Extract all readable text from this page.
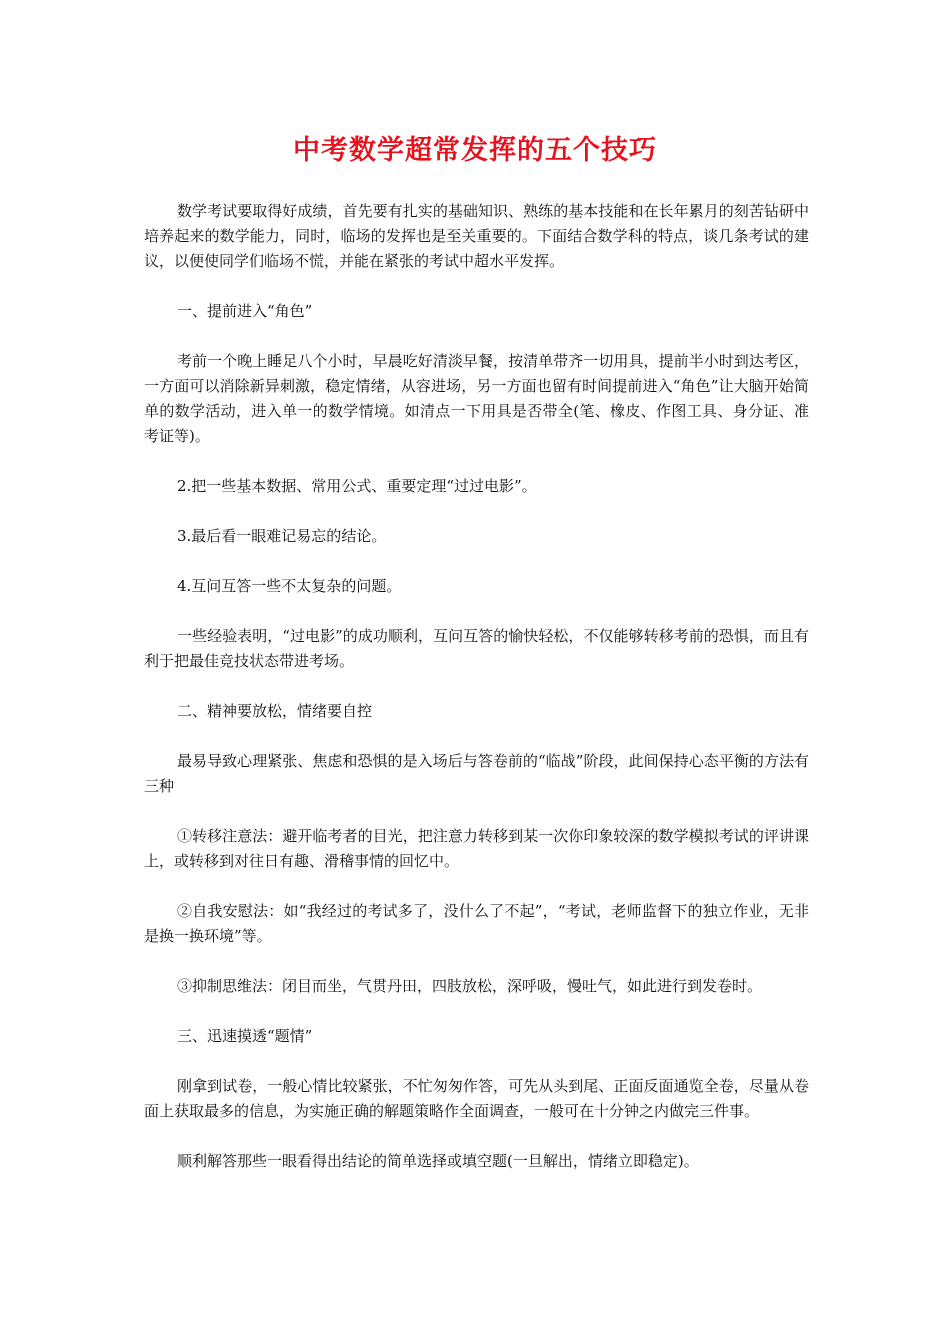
中考数学超常发挥的五个技巧

数学考试要取得好成绩，首先要有扎实的基础知识、熟练的基本技能和在长年累月的刻苦钻研中培养起来的数学能力，同时，临场的发挥也是至关重要的。下面结合数学科的特点，谈几条考试的建议，以便使同学们临场不慌，并能在紧张的考试中超水平发挥。

一、提前进入“角色”

考前一个晚上睡足八个小时，早晨吃好清淡早餐，按清单带齐一切用具，提前半小时到达考区，一方面可以消除新异刺激，稳定情绪，从容进场，另一方面也留有时间提前进入“角色”让大脑开始简单的数学活动，进入单一的数学情境。如清点一下用具是否带全(笔、橡皮、作图工具、身分证、准考证等)。

2.把一些基本数据、常用公式、重要定理“过过电影”。

3.最后看一眼难记易忘的结论。

4.互问互答一些不太复杂的问题。

一些经验表明，“过电影”的成功顺利，互问互答的愉快轻松，不仅能够转移考前的恐惧，而且有利于把最佳竞技状态带进考场。

二、精神要放松，情绪要自控

最易导致心理紧张、焦虑和恐惧的是入场后与答卷前的“临战”阶段，此间保持心态平衡的方法有三种

①转移注意法：避开临考者的目光，把注意力转移到某一次你印象较深的数学模拟考试的评讲课上，或转移到对往日有趣、滑稽事情的回忆中。

②自我安慰法：如“我经过的考试多了，没什么了不起”，“考试，老师监督下的独立作业，无非是换一换环境”等。

③抑制思维法：闭目而坐，气贯丹田，四肢放松，深呼吸，慢吐气，如此进行到发卷时。

三、迅速摸透“题情”

刚拿到试卷，一般心情比较紧张，不忙匆匆作答，可先从头到尾、正面反面通览全卷，尽量从卷面上获取最多的信息，为实施正确的解题策略作全面调查，一般可在十分钟之内做完三件事。

顺利解答那些一眼看得出结论的简单选择或填空题(一旦解出，情绪立即稳定)。
